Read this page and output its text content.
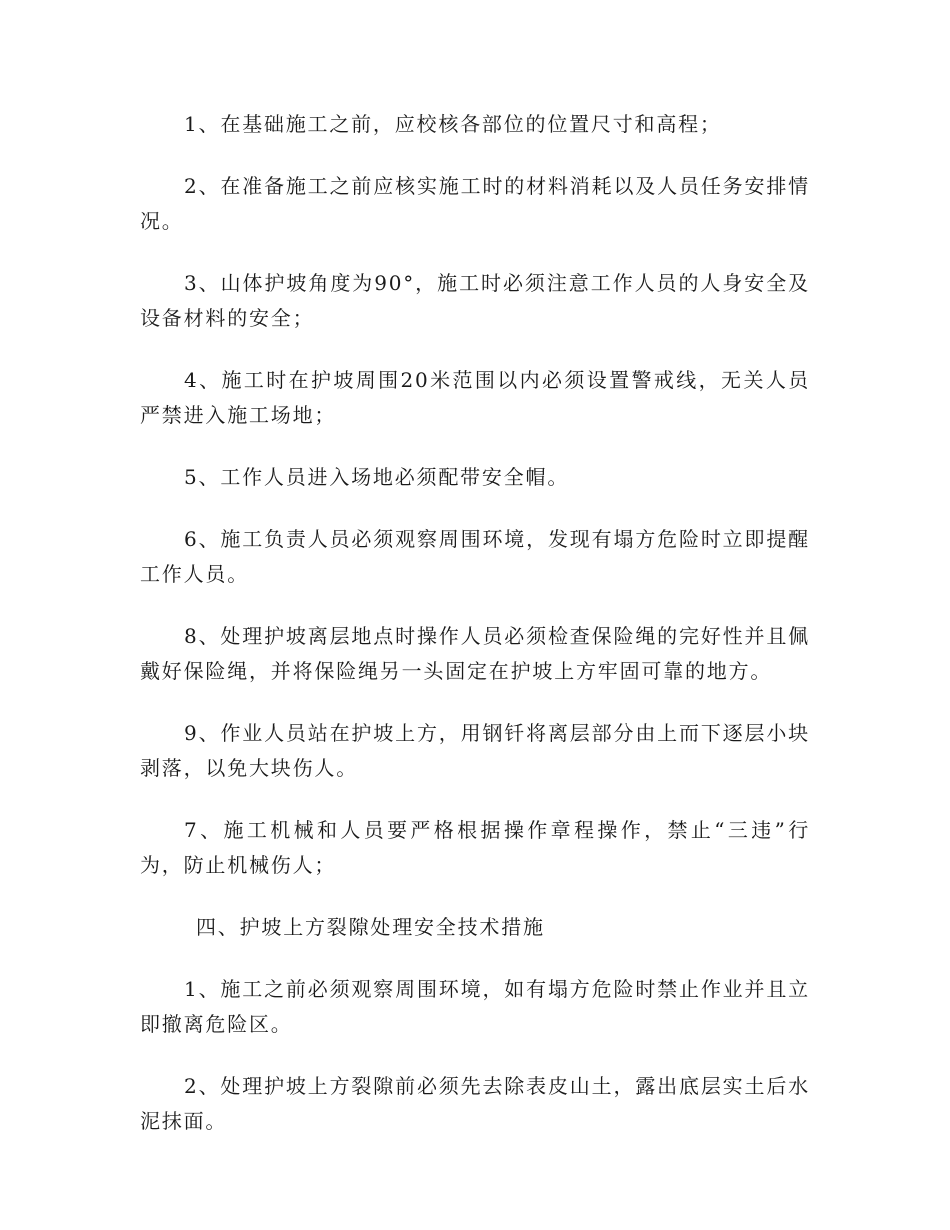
1、在基础施工之前，应校核各部位的位置尺寸和高程；

2、在准备施工之前应核实施工时的材料消耗以及人员任务安排情况。

3、山体护坡角度为90°，施工时必须注意工作人员的人身安全及设备材料的安全；

4、施工时在护坡周围20米范围以内必须设置警戒线，无关人员严禁进入施工场地；

5、工作人员进入场地必须配带安全帽。

6、施工负责人员必须观察周围环境，发现有塌方危险时立即提醒工作人员。

8、处理护坡离层地点时操作人员必须检查保险绳的完好性并且佩戴好保险绳，并将保险绳另一头固定在护坡上方牢固可靠的地方。

9、作业人员站在护坡上方，用钢钎将离层部分由上而下逐层小块剥落，以免大块伤人。

7、施工机械和人员要严格根据操作章程操作，禁止“三违”行为，防止机械伤人；

四、护坡上方裂隙处理安全技术措施

1、施工之前必须观察周围环境，如有塌方危险时禁止作业并且立即撤离危险区。

2、处理护坡上方裂隙前必须先去除表皮山土，露出底层实土后水泥抹面。
